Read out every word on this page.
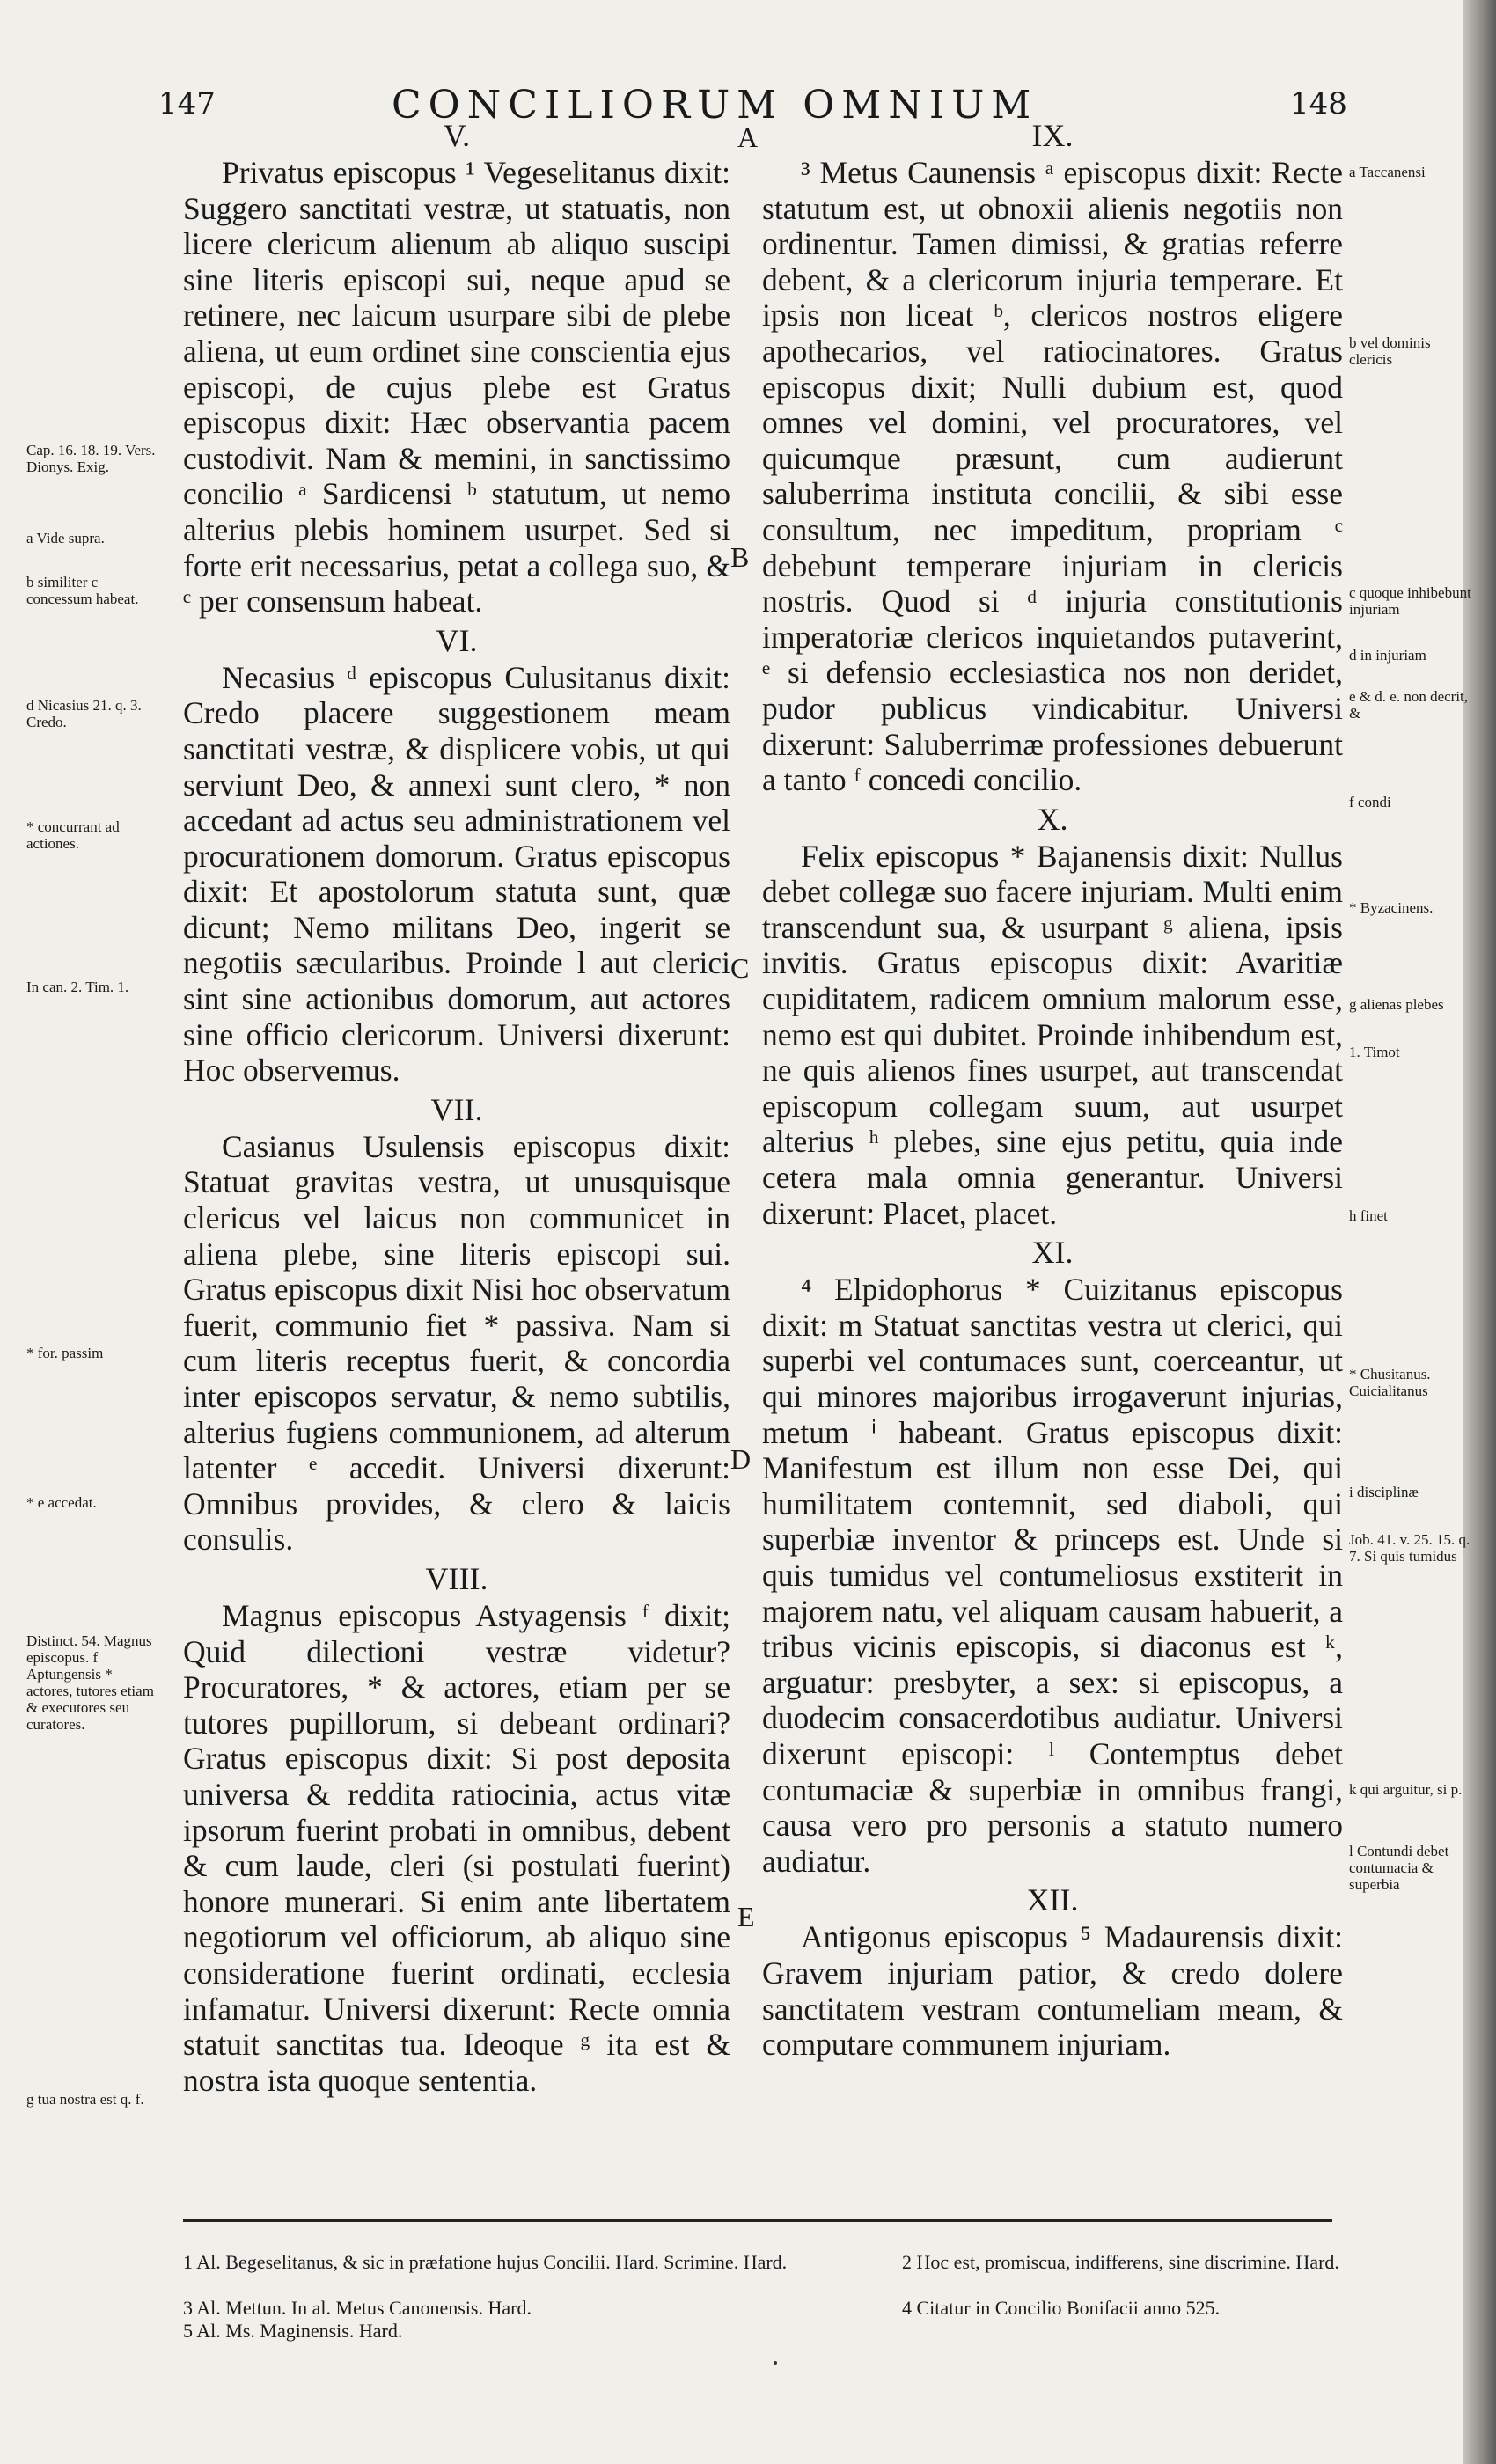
147	CONCILIORUM OMNIUM	148
V.

Privatus episcopus ¹ Vegeselitanus dixit: Suggero sanctitati vestræ, ut statuatis, non licere clericum alienum ab aliquo suscipi sine literis episcopi sui, neque apud se retinere, nec laicum usurpare sibi de plebe aliena, ut eum ordinet sine conscientia ejus episcopi, de cujus plebe est Gratus episcopus dixit: Hæc observantia pacem custodivit. Nam & memini, in sanctissimo concilio ᵃ Sardicensi ᵇ statutum, ut nemo alterius plebis hominem usurpet. Sed si forte erit necessarius, petat a collega suo, & ᶜ per consensum habeat.

VI.

Necasius ᵈ episcopus Culusitanus dixit: Credo placere suggestionem meam sanctitati vestræ, & displicere vobis, ut qui serviunt Deo, & annexi sunt clero, * non accedant ad actus seu administrationem vel procurationem domorum. Gratus episcopus dixit: Et apostolorum statuta sunt, quæ dicunt; Nemo militans Deo, ingerit se negotiis sæcularibus. Proinde l aut clerici sint sine actionibus domorum, aut actores sine officio clericorum. Universi dixerunt: Hoc observemus.

VII.

Casianus Usulensis episcopus dixit: Statuat gravitas vestra, ut unusquisque clericus vel laicus non communicet in aliena plebe, sine literis episcopi sui. Gratus episcopus dixit Nisi hoc observatum fuerit, communio fiet * passiva. Nam si cum literis receptus fuerit, & concordia inter episcopos servatur, & nemo subtilis, alterius fugiens communionem, ad alterum latenter ᵉ accedit. Universi dixerunt: Omnibus provides, & clero & laicis consulis.

VIII.

Magnus episcopus Astyagensis ᶠ dixit; Quid dilectioni vestræ videtur? Procuratores, * & actores, etiam per se tutores pupillorum, si debeant ordinari? Gratus episcopus dixit: Si post deposita universa & reddita ratiocinia, actus vitæ ipsorum fuerint probati in omnibus, debent & cum laude, cleri (si postulati fuerint) honore munerari. Si enim ante libertatem negotiorum vel officiorum, ab aliquo sine consideratione fuerint ordinati, ecclesia infamatur. Universi dixerunt: Recte omnia statuit sanctitas tua. Ideoque ᵍ ita est & nostra ista quoque sententia.

IX.

³ Metus Caunensis ᵃ episcopus dixit: Recte statutum est, ut obnoxii alienis negotiis non ordinentur. Tamen dimissi, & gratias referre debent, & a clericorum injuria temperare. Et ipsis non liceat ᵇ, clericos nostros eligere apothecarios, vel ratiocinatores. Gratus episcopus dixit; Nulli dubium est, quod omnes vel domini, vel procuratores, vel quicumque præsunt, cum audierunt saluberrima instituta concilii, & sibi esse consultum, nec impeditum, propriam ᶜ debebunt temperare injuriam in clericis nostris. Quod si ᵈ injuria constitutionis imperatoriæ clericos inquietandos putaverint, ᵉ si defensio ecclesiastica nos non deridet, pudor publicus vindicabitur. Universi dixerunt: Saluberrimæ professiones debuerunt a tanto ᶠ concedi concilio.

X.

Felix episcopus * Bajanensis dixit: Nullus debet collegæ suo facere injuriam. Multi enim transcendunt sua, & usurpant ᵍ aliena, ipsis invitis. Gratus episcopus dixit: Avaritiæ cupiditatem, radicem omnium malorum esse, nemo est qui dubitet. Proinde inhibendum est, ne quis alienos fines usurpet, aut transcendat episcopum collegam suum, aut usurpet alterius ʰ plebes, sine ejus petitu, quia inde cetera mala omnia generantur. Universi dixerunt: Placet, placet.

XI.

⁴ Elpidophorus * Cuizitanus episcopus dixit: m Statuat sanctitas vestra ut clerici, qui superbi vel contumaces sunt, coerceantur, ut qui minores majoribus irrogaverunt injurias, metum ⁱ habeant. Gratus episcopus dixit: Manifestum est illum non esse Dei, qui humilitatem contemnit, sed diaboli, qui superbiæ inventor & princeps est. Unde si quis tumidus vel contumeliosus exstiterit in majorem natu, vel aliquam causam habuerit, a tribus vicinis episcopis, si diaconus est ᵏ, arguatur: presbyter, a sex: si episcopus, a duodecim consacerdotibus audiatur. Universi dixerunt episcopi: ˡ Contemptus debet contumaciæ & superbiæ in omnibus frangi, causa vero pro personis a statuto numero audiatur.

XII.

Antigonus episcopus ⁵ Madaurensis dixit: Gravem injuriam patior, & credo dolere sanctitatem vestram contumeliam meam, & computare communem injuriam.

A
B
C
D
E
Cap. 16. 18. 19. Vers. Dionys. Exig.
a Vide supra.
b similiter c concessum habeat.
d Nicasius 21. q. 3. Credo.
* concurrant ad actiones.
In can. 2. Tim. 1.
* for. passim
* e accedat.
Distinct. 54. Magnus episcopus. f Aptungensis * actores, tutores etiam & executores seu curatores.
g tua nostra est q. f.
a Taccanensi
b vel dominis clericis
c quoque inhibebunt injuriam
d in injuriam
e & d. e. non decrit, &
f condi
* Byzacinens.
g alienas plebes
1. Timot
h finet
* Chusitanus. Cuicialitanus
i disciplinæ
Job. 41. v. 25. 15. q. 7. Si quis tumidus
k qui arguitur, si p.
l Contundi debet contumacia & superbia
1 Al. Begeselitanus, & sic in præfatione hujus Concilii. Hard. Scrimine. Hard.
3 Al. Mettun. In al. Metus Canonensis. Hard.
5 Al. Ms. Maginensis. Hard.
2 Hoc est, promiscua, indifferens, sine discrimine. Hard.
4 Citatur in Concilio Bonifacii anno 525.
